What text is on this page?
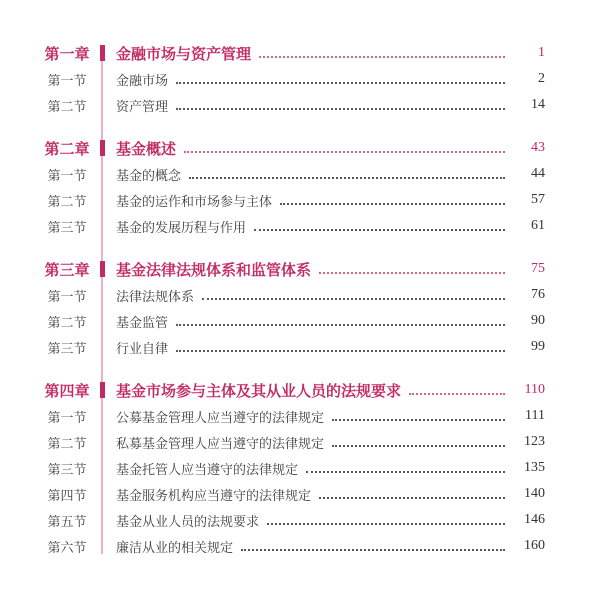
第一章	金融市场与资产管理	1
第一节	金融市场	2
第二节	资产管理	14
第二章	基金概述	43
第一节	基金的概念	44
第二节	基金的运作和市场参与主体	57
第三节	基金的发展历程与作用	61
第三章	基金法律法规体系和监管体系	75
第一节	法律法规体系	76
第二节	基金监管	90
第三节	行业自律	99
第四章	基金市场参与主体及其从业人员的法规要求	110
第一节	公募基金管理人应当遵守的法律规定	111
第二节	私募基金管理人应当遵守的法律规定	123
第三节	基金托管人应当遵守的法律规定	135
第四节	基金服务机构应当遵守的法律规定	140
第五节	基金从业人员的法规要求	146
第六节	廉洁从业的相关规定	160
